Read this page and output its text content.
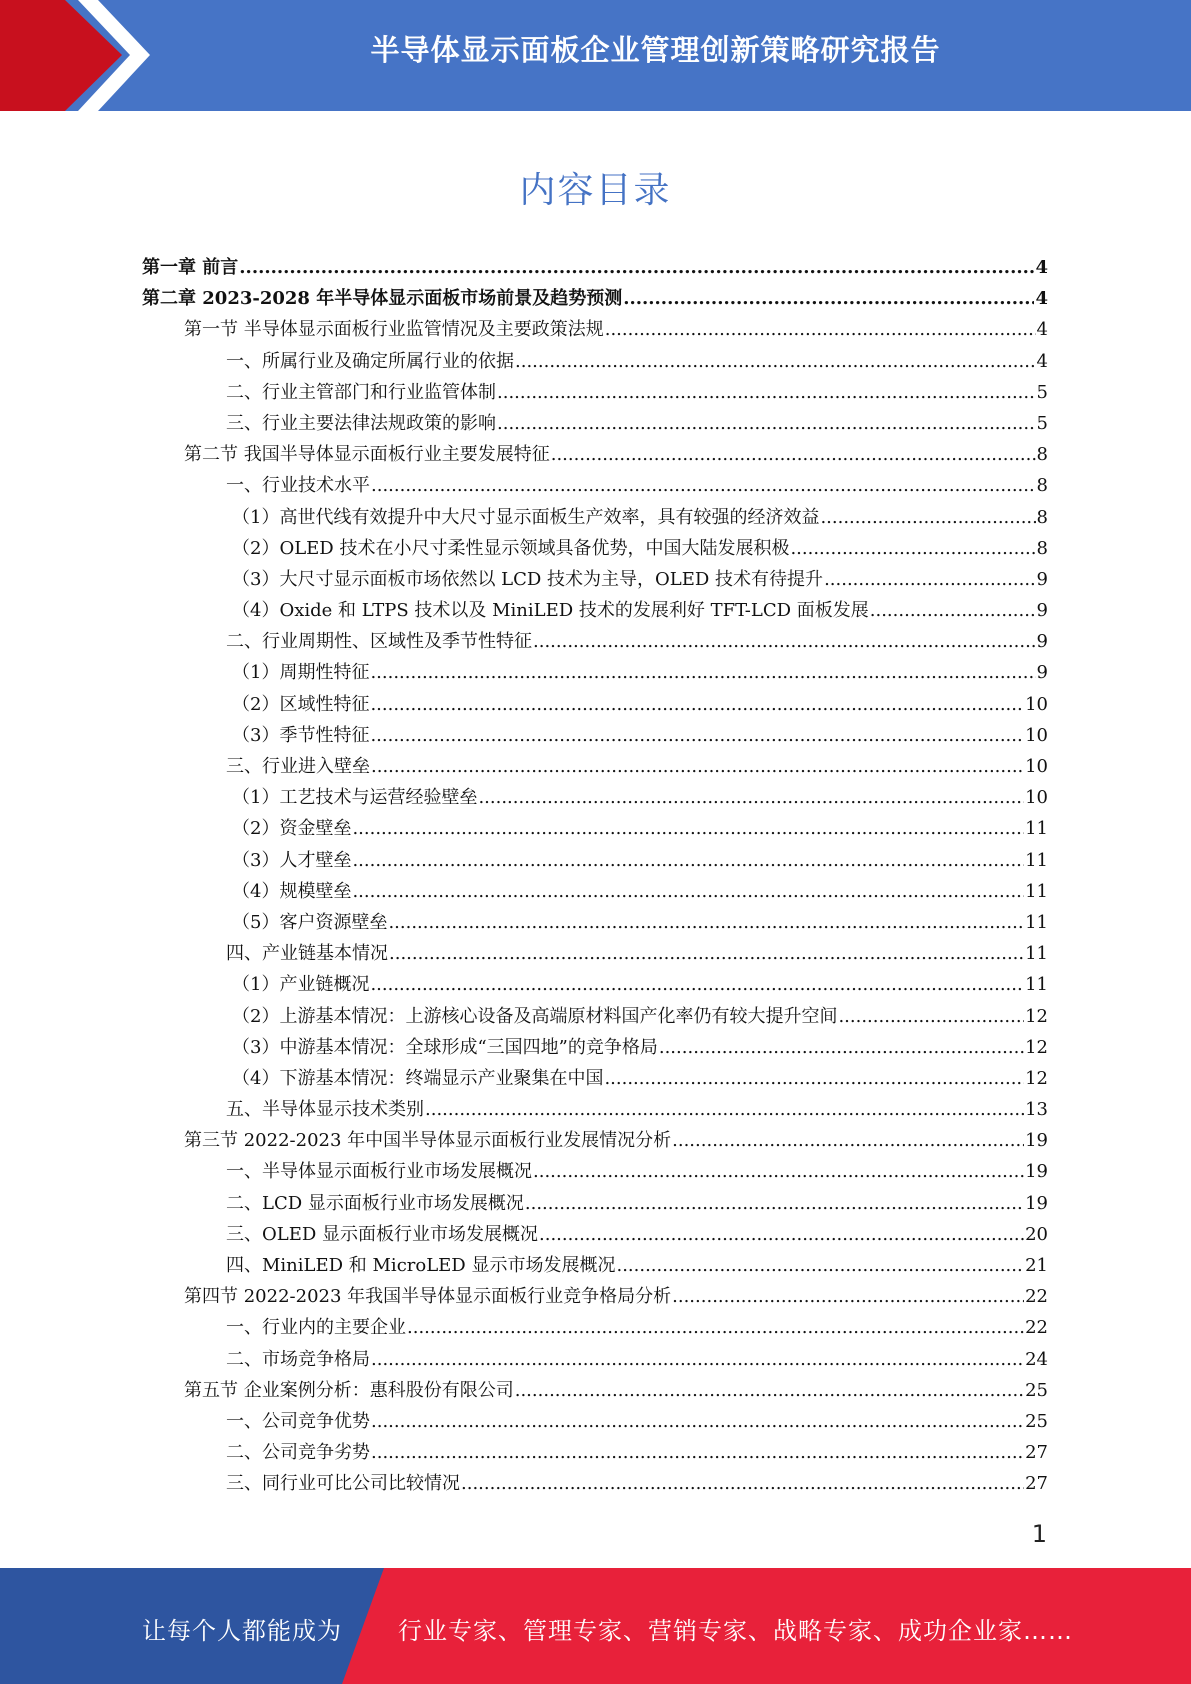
半导体显示面板企业管理创新策略研究报告
内容目录
第一章 前言 .....	4
第二章 2023-2028 年半导体显示面板市场前景及趋势预测 .....	4
第一节 半导体显示面板行业监管情况及主要政策法规 .....	4
一、所属行业及确定所属行业的依据 .....	4
二、行业主管部门和行业监管体制 .....	5
三、行业主要法律法规政策的影响 .....	5
第二节 我国半导体显示面板行业主要发展特征 .....	8
一、行业技术水平 .....	8
（1）高世代线有效提升中大尺寸显示面板生产效率，具有较强的经济效益 .....	8
（2）OLED 技术在小尺寸柔性显示领域具备优势，中国大陆发展积极 .....	8
（3）大尺寸显示面板市场依然以 LCD 技术为主导，OLED 技术有待提升 .....	9
（4）Oxide 和 LTPS 技术以及 MiniLED 技术的发展利好 TFT-LCD 面板发展 .....	9
二、行业周期性、区域性及季节性特征 .....	9
（1）周期性特征 .....	9
（2）区域性特征 .....	10
（3）季节性特征 .....	10
三、行业进入壁垒 .....	10
（1）工艺技术与运营经验壁垒 .....	10
（2）资金壁垒 .....	11
（3）人才壁垒 .....	11
（4）规模壁垒 .....	11
（5）客户资源壁垒 .....	11
四、产业链基本情况 .....	11
（1）产业链概况 .....	11
（2）上游基本情况：上游核心设备及高端原材料国产化率仍有较大提升空间 .....	12
（3）中游基本情况：全球形成“三国四地”的竞争格局 .....	12
（4）下游基本情况：终端显示产业聚集在中国 .....	12
五、半导体显示技术类别 .....	13
第三节 2022-2023 年中国半导体显示面板行业发展情况分析 .....	19
一、半导体显示面板行业市场发展概况 .....	19
二、LCD 显示面板行业市场发展概况 .....	19
三、OLED 显示面板行业市场发展概况 .....	20
四、MiniLED 和 MicroLED 显示市场发展概况 .....	21
第四节 2022-2023 年我国半导体显示面板行业竞争格局分析 .....	22
一、行业内的主要企业 .....	22
二、市场竞争格局 .....	24
第五节 企业案例分析：惠科股份有限公司 .....	25
一、公司竞争优势 .....	25
二、公司竞争劣势 .....	27
三、同行业可比公司比较情况 .....	27
1
让每个人都能成为 行业专家、管理专家、营销专家、战略专家、成功企业家……
